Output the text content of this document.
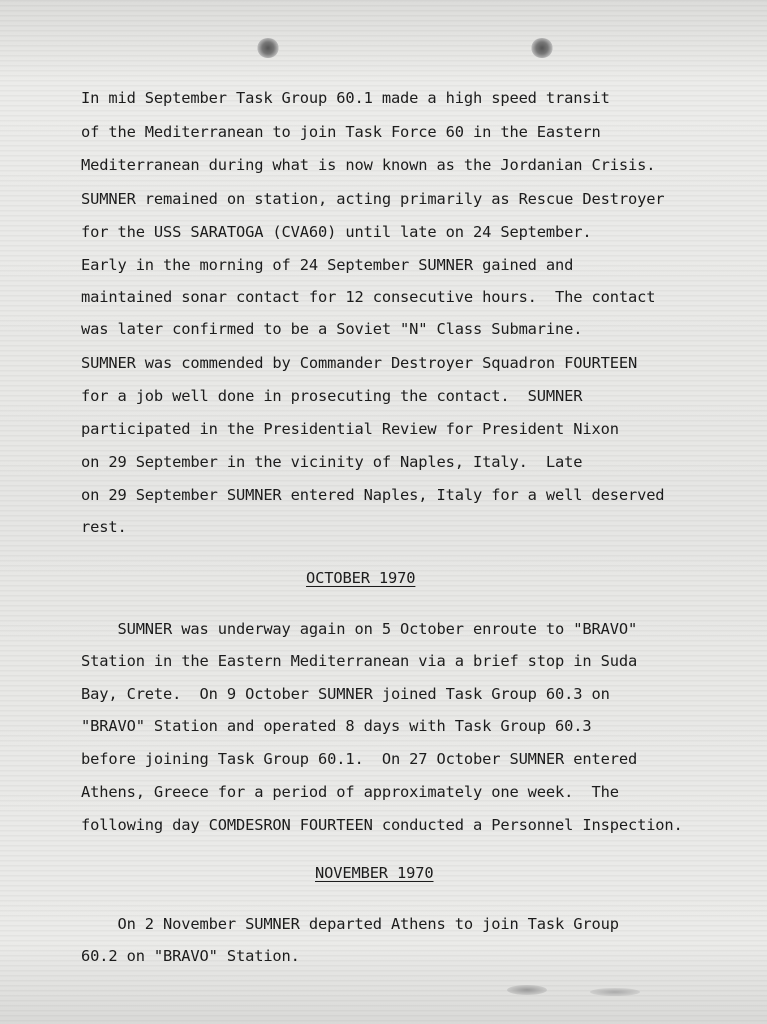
In mid September Task Group 60.1 made a high speed transit

of the Mediterranean to join Task Force 60 in the Eastern

Mediterranean during what is now known as the Jordanian Crisis.

SUMNER remained on station, acting primarily as Rescue Destroyer

for the USS SARATOGA (CVA60) until late on 24 September.

Early in the morning of 24 September SUMNER gained and

maintained sonar contact for 12 consecutive hours.  The contact

was later confirmed to be a Soviet "N" Class Submarine.

SUMNER was commended by Commander Destroyer Squadron FOURTEEN

for a job well done in prosecuting the contact.  SUMNER

participated in the Presidential Review for President Nixon

on 29 September in the vicinity of Naples, Italy.  Late

on 29 September SUMNER entered Naples, Italy for a well deserved

rest.

OCTOBER 1970

SUMNER was underway again on 5 October enroute to "BRAVO"

Station in the Eastern Mediterranean via a brief stop in Suda

Bay, Crete.  On 9 October SUMNER joined Task Group 60.3 on

"BRAVO" Station and operated 8 days with Task Group 60.3

before joining Task Group 60.1.  On 27 October SUMNER entered

Athens, Greece for a period of approximately one week.  The

following day COMDESRON FOURTEEN conducted a Personnel Inspection.

NOVEMBER 1970

On 2 November SUMNER departed Athens to join Task Group

60.2 on "BRAVO" Station.
